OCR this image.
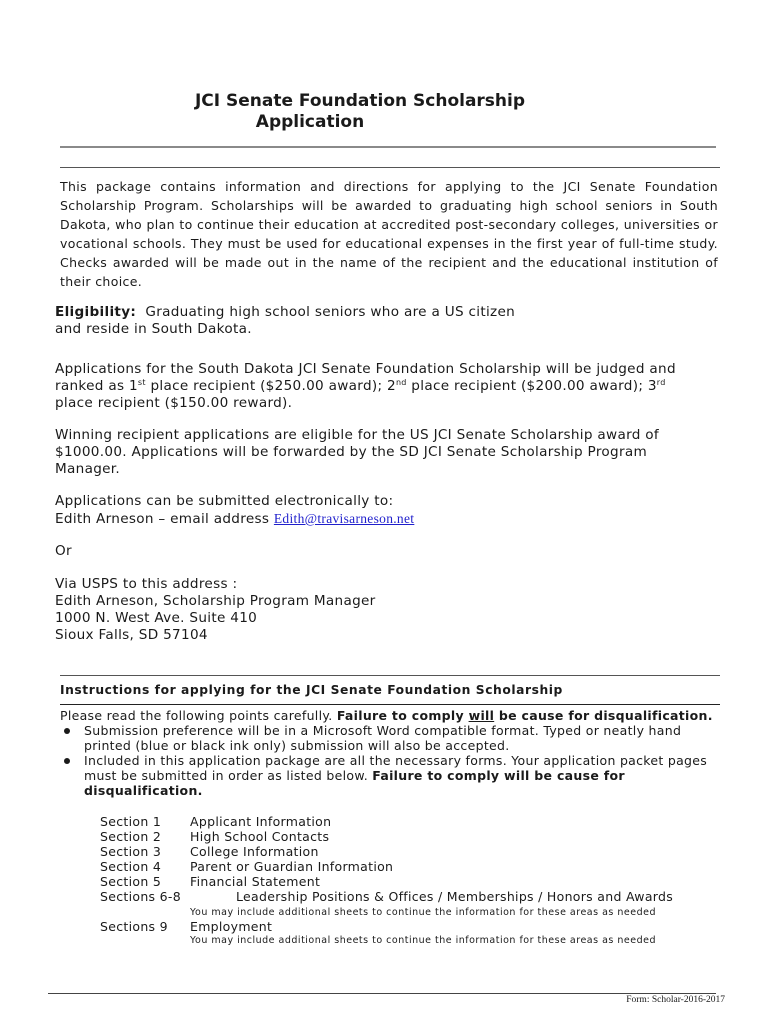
JCI Senate Foundation Scholarship
Application
This package contains information and directions for applying to the JCI Senate Foundation Scholarship Program. Scholarships will be awarded to graduating high school seniors in South Dakota, who plan to continue their education at accredited post-secondary colleges, universities or vocational schools. They must be used for educational expenses in the first year of full-time study. Checks awarded will be made out in the name of the recipient and the educational institution of their choice.
Eligibility: Graduating high school seniors who are a US citizen
and reside in South Dakota.
Applications for the South Dakota JCI Senate Foundation Scholarship will be judged and ranked as 1st place recipient ($250.00 award); 2nd place recipient ($200.00 award); 3rd place recipient ($150.00 reward).
Winning recipient applications are eligible for the US JCI Senate Scholarship award of $1000.00. Applications will be forwarded by the SD JCI Senate Scholarship Program Manager.
Applications can be submitted electronically to:
Edith Arneson – email address Edith@travisarneson.net
Or
Via USPS to this address :
Edith Arneson, Scholarship Program Manager
1000 N. West Ave. Suite 410
Sioux Falls, SD 57104
Instructions for applying for the JCI Senate Foundation Scholarship
Please read the following points carefully. Failure to comply will be cause for disqualification.
Submission preference will be in a Microsoft Word compatible format. Typed or neatly hand printed (blue or black ink only) submission will also be accepted.
Included in this application package are all the necessary forms. Your application packet pages must be submitted in order as listed below. Failure to comply will be cause for disqualification.
Section 1 Applicant Information
Section 2 High School Contacts
Section 3 College Information
Section 4 Parent or Guardian Information
Section 5 Financial Statement
Sections 6-8	Leadership Positions & Offices / Memberships / Honors and Awards
You may include additional sheets to continue the information for these areas as needed
Sections 9 Employment
You may include additional sheets to continue the information for these areas as needed
Form: Scholar-2016-2017
